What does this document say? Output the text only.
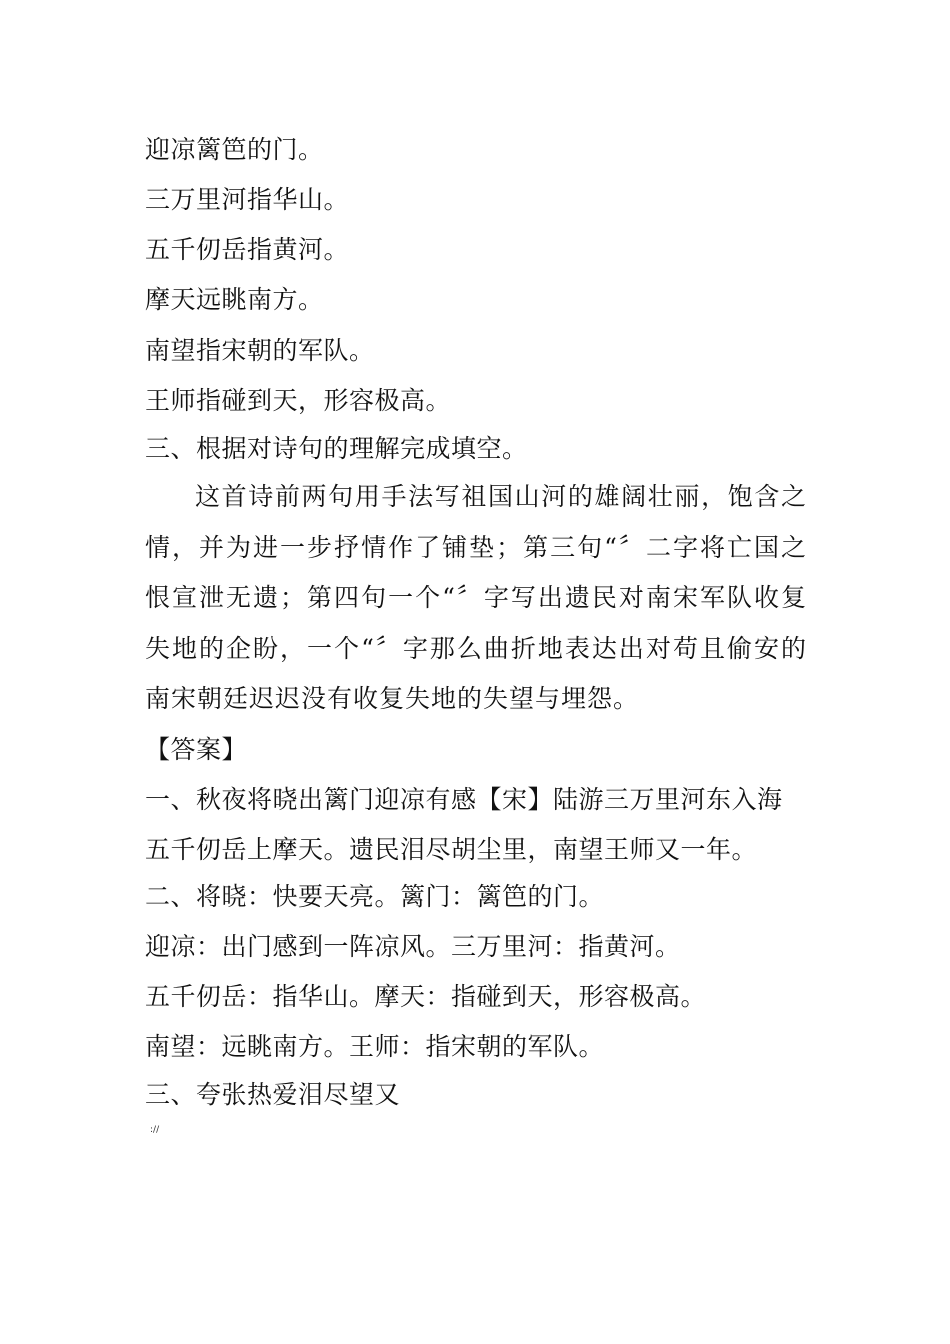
迎凉篱笆的门。
三万里河指华山。
五千仞岳指黄河。
摩天远眺南方。
南望指宋朝的军队。
王师指碰到天，形容极高。
三、根据对诗句的理解完成填空。
这首诗前两句用手法写祖国山河的雄阔壮丽，饱含之情，并为进一步抒情作了铺垫；第三句“〞二字将亡国之恨宣泄无遗；第四句一个“〞字写出遗民对南宋军队收复失地的企盼，一个“〞字那么曲折地表达出对苟且偷安的南宋朝廷迟迟没有收复失地的失望与埋怨。
【答案】
一、秋夜将晓出篱门迎凉有感【宋】陆游三万里河东入海
五千仞岳上摩天。遗民泪尽胡尘里，南望王师又一年。
二、将晓：快要天亮。篱门：篱笆的门。
迎凉：出门感到一阵凉风。三万里河：指黄河。
五千仞岳：指华山。摩天：指碰到天，形容极高。
南望：远眺南方。王师：指宋朝的军队。
三、夸张热爱泪尽望又
://
